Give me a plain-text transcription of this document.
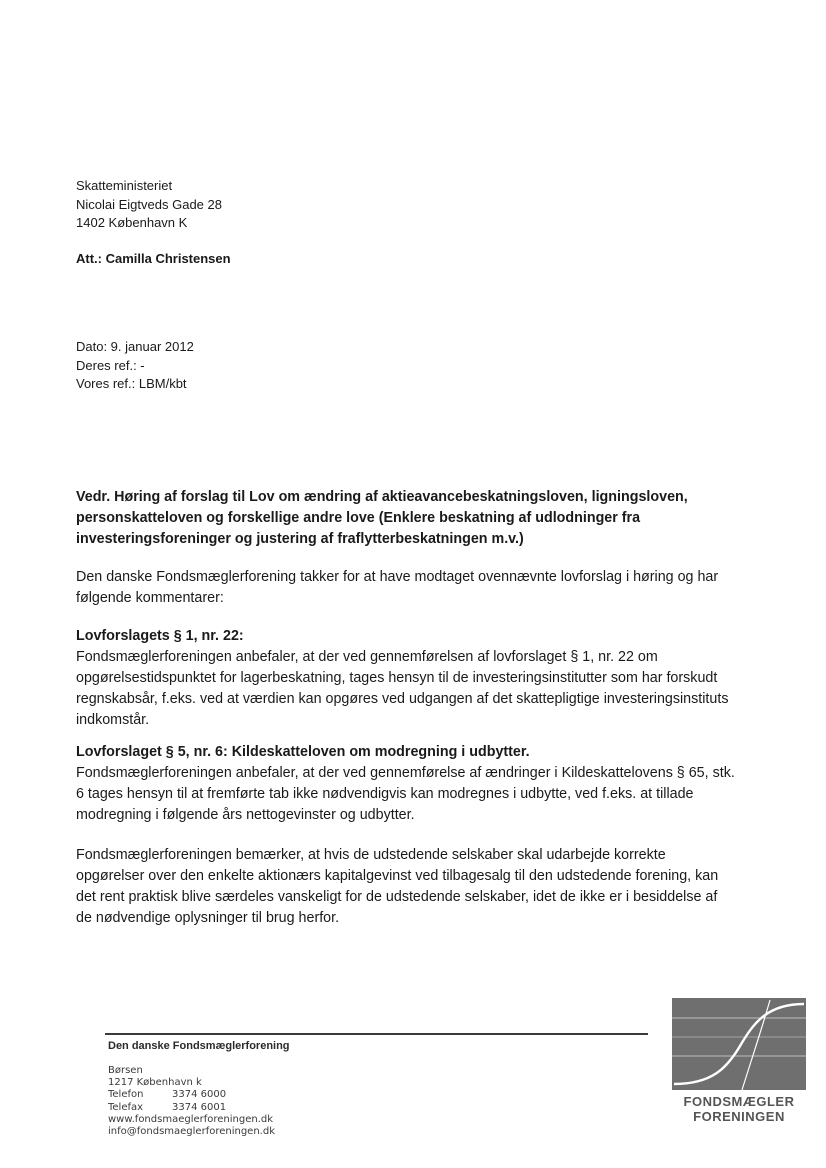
Skatteministeriet
Nicolai Eigtveds Gade 28
1402 København K
Att.: Camilla Christensen
Dato: 9. januar 2012
Deres ref.: -
Vores ref.: LBM/kbt
Vedr. Høring af forslag til Lov om ændring af aktieavancebeskatningsloven, ligningsloven,
personskatteloven og forskellige andre love (Enklere beskatning af udlodninger fra
investeringsforeninger og justering af fraflytterbeskatningen m.v.)
Den danske Fondsmæglerforening takker for at have modtaget ovennævnte lovforslag i høring og har
følgende kommentarer:
Lovforslagets § 1, nr. 22:
Fondsmæglerforeningen anbefaler, at der ved gennemførelsen af lovforslaget § 1, nr. 22 om
opgørelsestidspunktet for lagerbeskatning, tages hensyn til de investeringsinstitutter som har forskudt
regnskabsår, f.eks. ved at værdien kan opgøres ved udgangen af det skattepligtige investeringsinstituts
indkomstår.
Lovforslaget § 5, nr. 6: Kildeskatteloven om modregning i udbytter.
Fondsmæglerforeningen anbefaler, at der ved gennemførelse af ændringer i Kildeskattelovens § 65, stk.
6 tages hensyn til at fremførte tab ikke nødvendigvis kan modregnes i udbytte, ved f.eks. at tillade
modregning i følgende års nettogevinster og udbytter.
Fondsmæglerforeningen bemærker, at hvis de udstedende selskaber skal udarbejde korrekte
opgørelser over den enkelte aktionærs kapitalgevinst ved tilbagesalg til den udstedende forening, kan
det rent praktisk blive særdeles vanskeligt for de udstedende selskaber, idet de ikke er i besiddelse af
de nødvendige oplysninger til brug herfor.
Den danske Fondsmæglerforening
Børsen
1217 København k
Telefon	3374 6000
Telefax	3374 6001
www.fondsmaeglerforeningen.dk
info@fondsmaeglerforeningen.dk
FONDSMÆGLER
FORENINGEN
